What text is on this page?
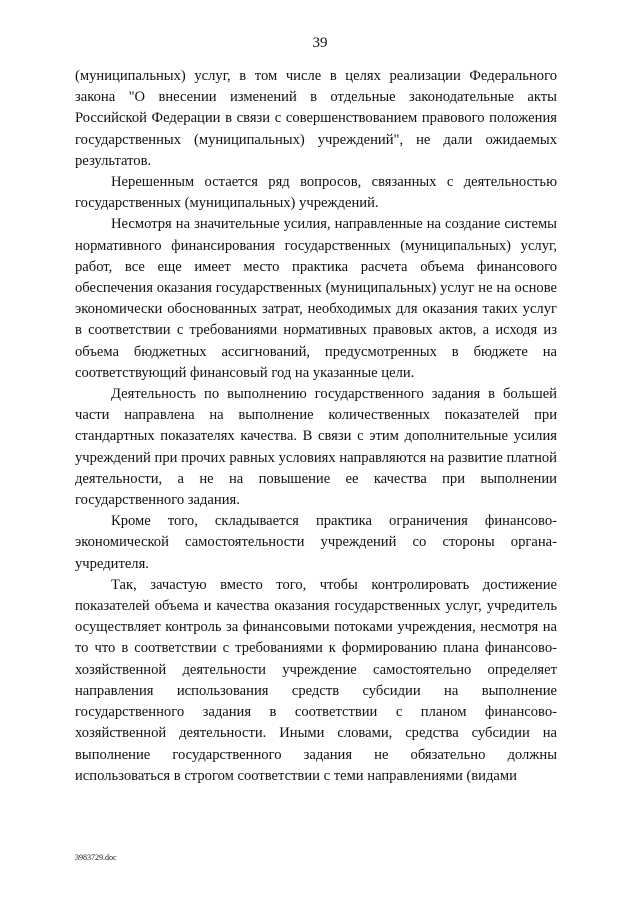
39

(муниципальных) услуг, в том числе в целях реализации Федерального закона "О внесении изменений в отдельные законодательные акты Российской Федерации в связи с совершенствованием правового положения государственных (муниципальных) учреждений", не дали ожидаемых результатов.

Нерешенным остается ряд вопросов, связанных с деятельностью государственных (муниципальных) учреждений.

Несмотря на значительные усилия, направленные на создание системы нормативного финансирования государственных (муниципальных) услуг, работ, все еще имеет место практика расчета объема финансового обеспечения оказания государственных (муниципальных) услуг не на основе экономически обоснованных затрат, необходимых для оказания таких услуг в соответствии с требованиями нормативных правовых актов, а исходя из объема бюджетных ассигнований, предусмотренных в бюджете на соответствующий финансовый год на указанные цели.

Деятельность по выполнению государственного задания в большей части направлена на выполнение количественных показателей при стандартных показателях качества. В связи с этим дополнительные усилия учреждений при прочих равных условиях направляются на развитие платной деятельности, а не на повышение ее качества при выполнении государственного задания.

Кроме того, складывается практика ограничения финансово-экономической самостоятельности учреждений со стороны органа-учредителя.

Так, зачастую вместо того, чтобы контролировать достижение показателей объема и качества оказания государственных услуг, учредитель осуществляет контроль за финансовыми потоками учреждения, несмотря на то что в соответствии с требованиями к формированию плана финансово-хозяйственной деятельности учреждение самостоятельно определяет направления использования средств субсидии на выполнение государственного задания в соответствии с планом финансово-хозяйственной деятельности. Иными словами, средства субсидии на выполнение государственного задания не обязательно должны использоваться в строгом соответствии с теми направлениями (видами

3983729.doc
